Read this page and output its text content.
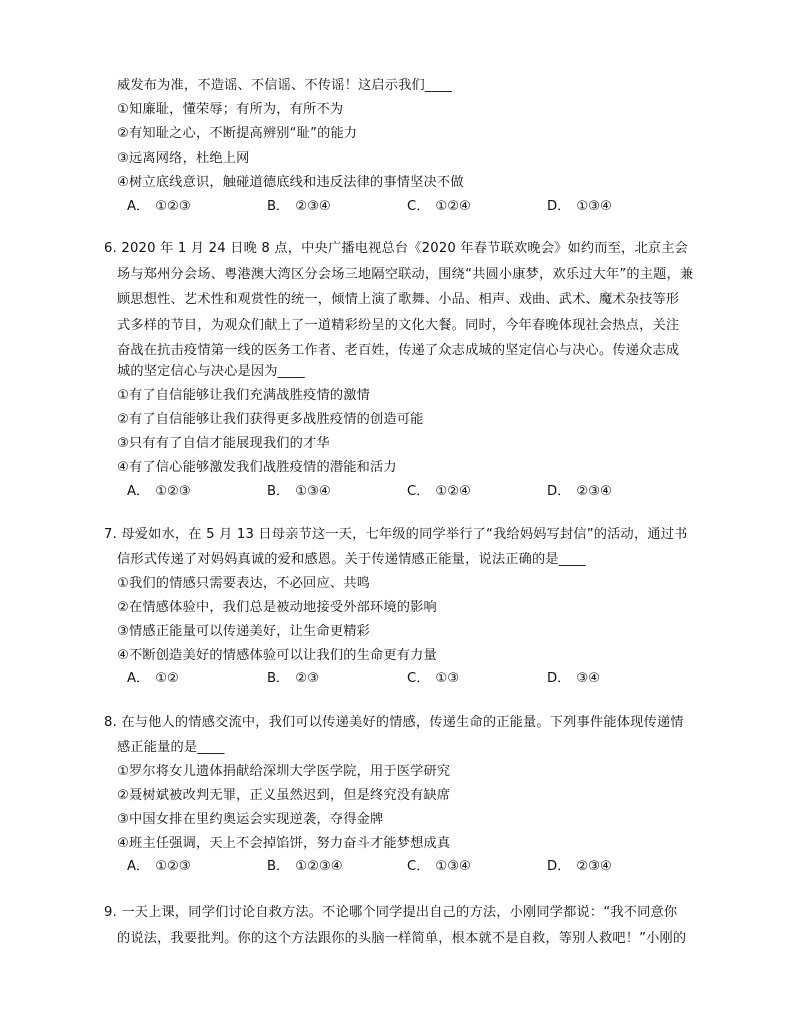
威发布为准，不造谣、不信谣、不传谣！这启示我们____
①知廉耻，懂荣辱；有所为，有所不为
②有知耻之心，不断提高辨别“耻”的能力
③远离网络，杜绝上网
④树立底线意识，触碰道德底线和违反法律的事情坚决不做
A． ①②③	B． ②③④	C． ①②④	D． ①③④
6. 2020 年 1 月 24 日晚 8 点，中央广播电视总台《2020 年春节联欢晚会》如约而至，北京主会
场与郑州分会场、粤港澳大湾区分会场三地隔空联动，围绕“共圆小康梦，欢乐过大年”的主题，兼
顾思想性、艺术性和观赏性的统一，倾情上演了歌舞、小品、相声、戏曲、武术、魔术杂技等形
式多样的节目，为观众们献上了一道精彩纷呈的文化大餐。同时，今年春晚体现社会热点，关注
奋战在抗击疫情第一线的医务工作者、老百姓，传递了众志成城的坚定信心与决心。传递众志成
城的坚定信心与决心是因为____
①有了自信能够让我们充满战胜疫情的激情
②有了自信能够让我们获得更多战胜疫情的创造可能
③只有有了自信才能展现我们的才华
④有了信心能够激发我们战胜疫情的潜能和活力
A． ①②③	B． ①③④	C． ①②④	D． ②③④
7. 母爱如水，在 5 月 13 日母亲节这一天，七年级的同学举行了“我给妈妈写封信”的活动，通过书
信形式传递了对妈妈真诚的爱和感恩。关于传递情感正能量，说法正确的是____
①我们的情感只需要表达，不必回应、共鸣
②在情感体验中，我们总是被动地接受外部环境的影响
③情感正能量可以传递美好，让生命更精彩
④不断创造美好的情感体验可以让我们的生命更有力量
A． ①②	B． ②③	C． ①③	D． ③④
8. 在与他人的情感交流中，我们可以传递美好的情感，传递生命的正能量。下列事件能体现传递情
感正能量的是____
①罗尔将女儿遗体捐献给深圳大学医学院，用于医学研究
②聂树斌被改判无罪，正义虽然迟到，但是终究没有缺席
③中国女排在里约奥运会实现逆袭，夺得金牌
④班主任强调，天上不会掉馅饼，努力奋斗才能梦想成真
A． ①②③	B． ①②③④	C． ①③④	D． ②③④
9. 一天上课，同学们讨论自救方法。不论哪个同学提出自己的方法，小刚同学都说：“我不同意你
的说法，我要批判。你的这个方法跟你的头脑一样简单，根本就不是自救，等别人救吧！”小刚的
